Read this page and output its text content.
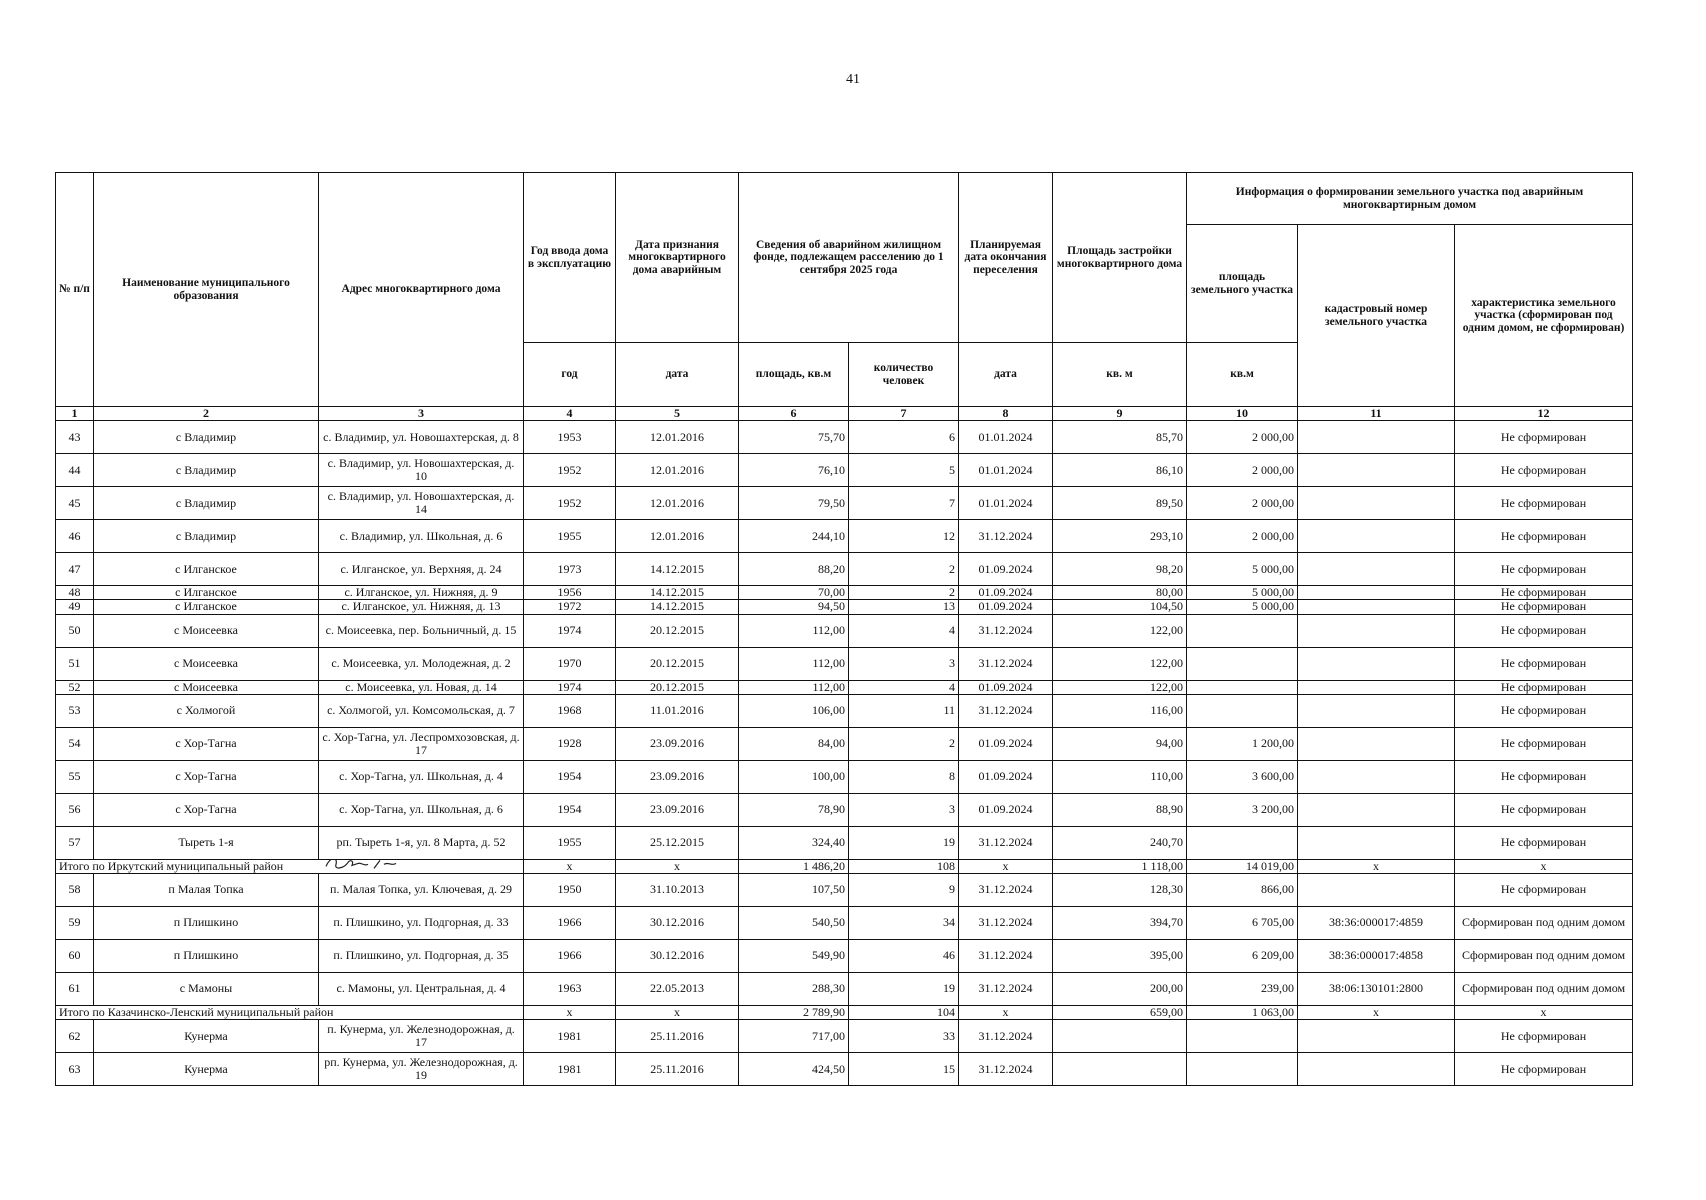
41
№ п/п	Наименование муниципального образования	Адрес многоквартирного дома	Год ввода дома в эксплуатацию	Дата признания многоквартирного дома аварийным	Сведения об аварийном жилищном фонде, подлежащем расселению до 1 сентября 2025 года		Планируемая дата окончания переселения	Площадь застройки многоквартирного дома	Информация о формировании земельного участка под аварийным многоквартирным домом		
									площадь земельного участка	кадастровый номер земельного участка	характеристика земельного участка (сформирован под одним домом, не сформирован)
			год	дата	площадь, кв.м	количество человек	дата	кв. м	кв.м		
1	2	3	4	5	6	7	8	9	10	11	12
43	с Владимир	с. Владимир, ул. Новошахтерская, д. 8	1953	12.01.2016	75,70	6	01.01.2024	85,70	2 000,00		Не сформирован
44	с Владимир	с. Владимир, ул. Новошахтерская, д. 10	1952	12.01.2016	76,10	5	01.01.2024	86,10	2 000,00		Не сформирован
45	с Владимир	с. Владимир, ул. Новошахтерская, д. 14	1952	12.01.2016	79,50	7	01.01.2024	89,50	2 000,00		Не сформирован
46	с Владимир	с. Владимир, ул. Школьная, д. 6	1955	12.01.2016	244,10	12	31.12.2024	293,10	2 000,00		Не сформирован
47	с Илганское	с. Илганское, ул. Верхняя, д. 24	1973	14.12.2015	88,20	2	01.09.2024	98,20	5 000,00		Не сформирован
48	с Илганское	с. Илганское, ул. Нижняя, д. 9	1956	14.12.2015	70,00	2	01.09.2024	80,00	5 000,00		Не сформирован
49	с Илганское	с. Илганское, ул. Нижняя, д. 13	1972	14.12.2015	94,50	13	01.09.2024	104,50	5 000,00		Не сформирован
50	с Моисеевка	с. Моисеевка, пер. Больничный, д. 15	1974	20.12.2015	112,00	4	31.12.2024	122,00			Не сформирован
51	с Моисеевка	с. Моисеевка, ул. Молодежная, д. 2	1970	20.12.2015	112,00	3	31.12.2024	122,00			Не сформирован
52	с Моисеевка	с. Моисеевка, ул. Новая, д. 14	1974	20.12.2015	112,00	4	01.09.2024	122,00			Не сформирован
53	с Холмогой	с. Холмогой, ул. Комсомольская, д. 7	1968	11.01.2016	106,00	11	31.12.2024	116,00			Не сформирован
54	с Хор-Тагна	с. Хор-Тагна, ул. Леспромхозовская, д. 17	1928	23.09.2016	84,00	2	01.09.2024	94,00	1 200,00		Не сформирован
55	с Хор-Тагна	с. Хор-Тагна, ул. Школьная, д. 4	1954	23.09.2016	100,00	8	01.09.2024	110,00	3 600,00		Не сформирован
56	с Хор-Тагна	с. Хор-Тагна, ул. Школьная, д. 6	1954	23.09.2016	78,90	3	01.09.2024	88,90	3 200,00		Не сформирован
57	Тыреть 1-я	рп. Тыреть 1-я, ул. 8 Марта, д. 52	1955	25.12.2015	324,40	19	31.12.2024	240,70			Не сформирован
Итого по Иркутский муниципальный район			x	x	1 486,20	108	x	1 118,00	14 019,00	x	x
58	п Малая Топка	п. Малая Топка, ул. Ключевая, д. 29	1950	31.10.2013	107,50	9	31.12.2024	128,30	866,00		Не сформирован
59	п Плишкино	п. Плишкино, ул. Подгорная, д. 33	1966	30.12.2016	540,50	34	31.12.2024	394,70	6 705,00	38:36:000017:4859	Сформирован под одним домом
60	п Плишкино	п. Плишкино, ул. Подгорная, д. 35	1966	30.12.2016	549,90	46	31.12.2024	395,00	6 209,00	38:36:000017:4858	Сформирован под одним домом
61	с Мамоны	с. Мамоны, ул. Центральная, д. 4	1963	22.05.2013	288,30	19	31.12.2024	200,00	239,00	38:06:130101:2800	Сформирован под одним домом
Итого по Казачинско-Ленский муниципальный район			x	x	2 789,90	104	x	659,00	1 063,00	x	x
62	Кунерма	п. Кунерма, ул. Железнодорожная, д. 17	1981	25.11.2016	717,00	33	31.12.2024				Не сформирован
63	Кунерма	рп. Кунерма, ул. Железнодорожная, д. 19	1981	25.11.2016	424,50	15	31.12.2024				Не сформирован
